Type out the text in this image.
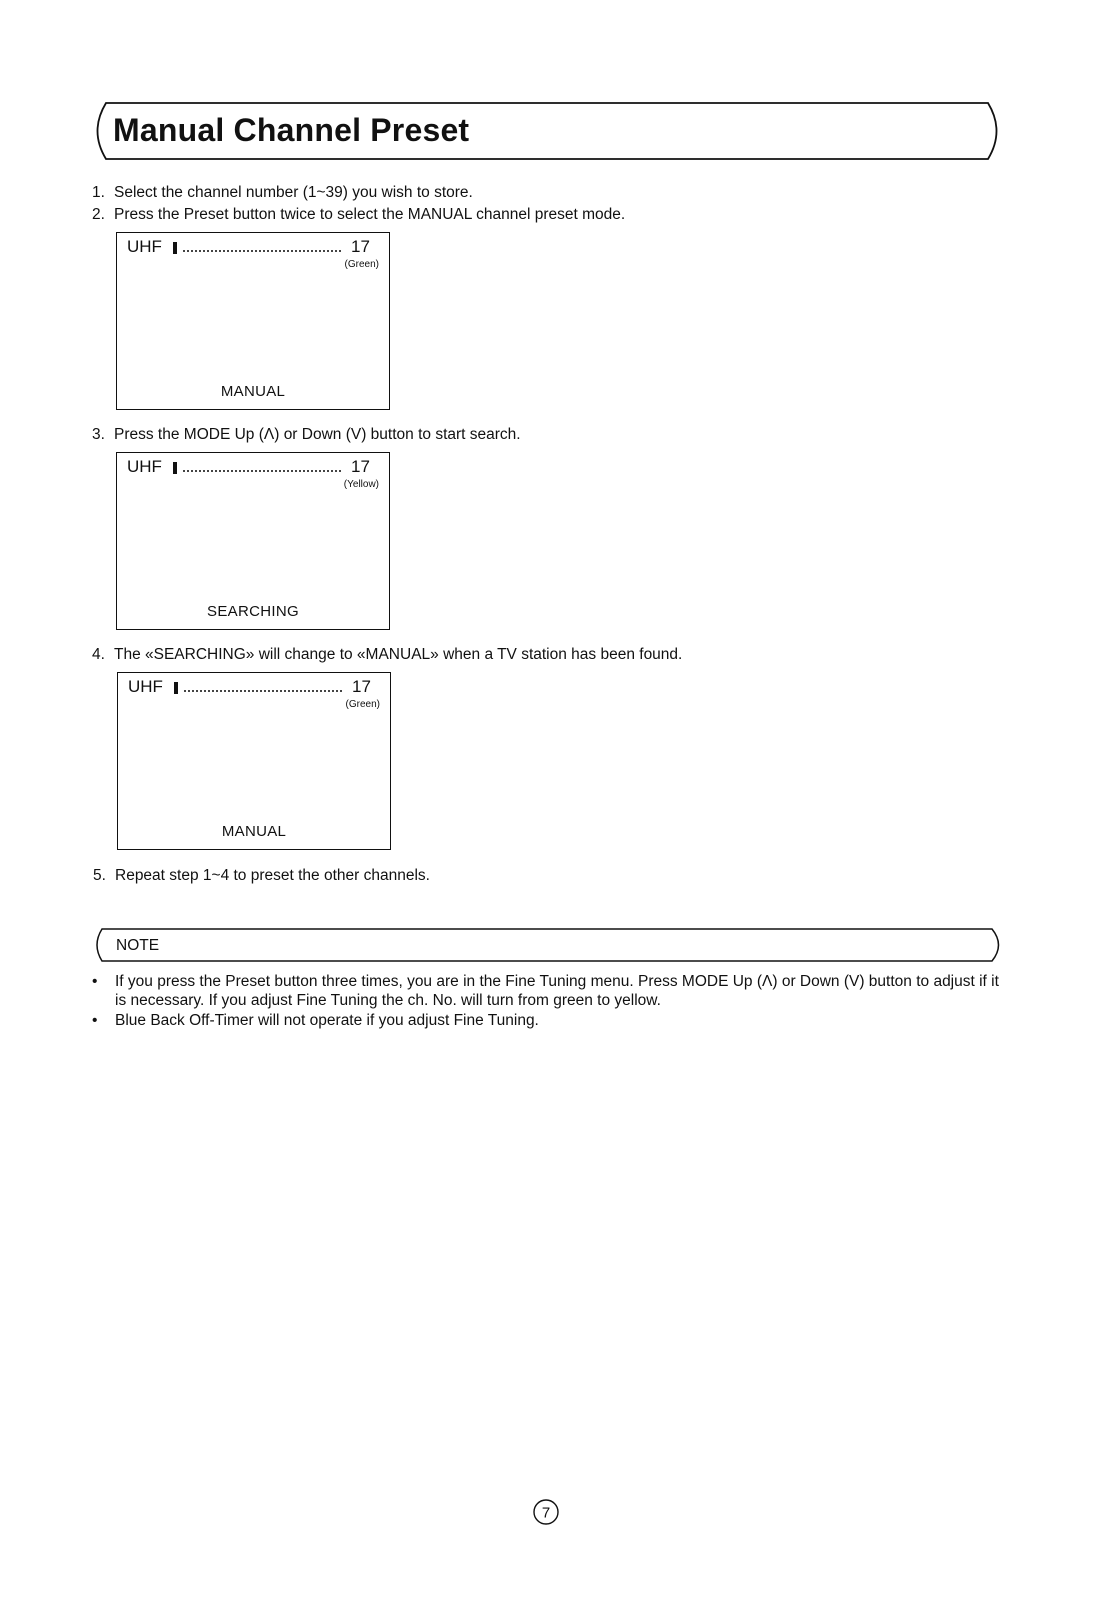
Manual Channel Preset
1. Select the channel number (1~39) you wish to store.
2. Press the Preset button twice to select the MANUAL channel preset mode.
UHF	17
(Green)
MANUAL
3. Press the MODE Up (Λ) or Down (V) button to start search.
UHF	17
(Yellow)
SEARCHING
4. The «SEARCHING» will change to «MANUAL» when a TV station has been found.
UHF	17
(Green)
MANUAL
5. Repeat step 1~4 to preset the other channels.
NOTE
• If you press the Preset button three times, you are in the Fine Tuning menu. Press MODE Up (Λ) or Down (V) button to adjust if it is necessary. If you adjust Fine Tuning the ch. No. will turn from green to yellow.
• Blue Back Off-Timer will not operate if you adjust Fine Tuning.
7
